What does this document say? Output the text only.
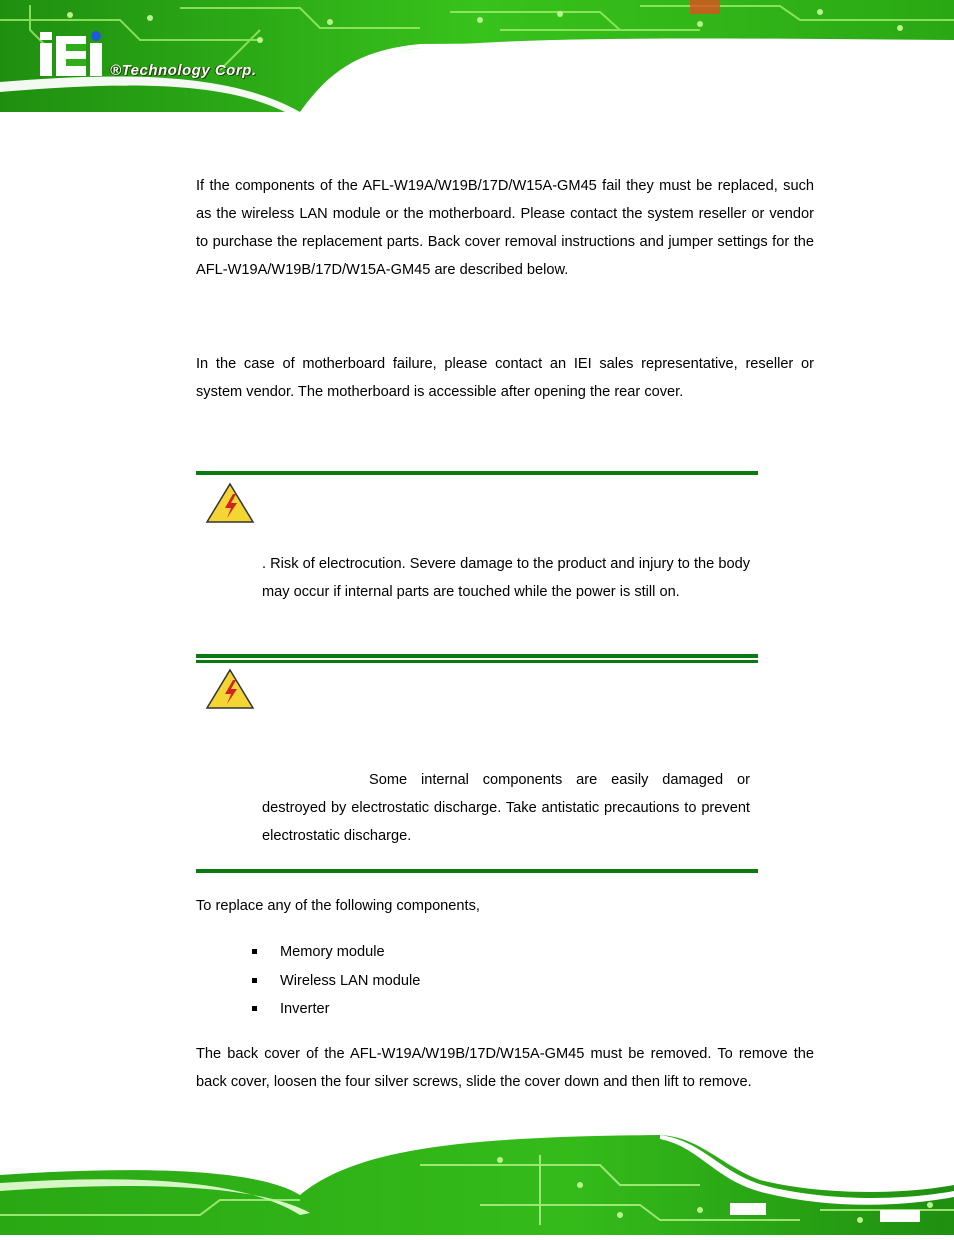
®Technology Corp.

If the components of the AFL-W19A/W19B/17D/W15A-GM45 fail they must be replaced, such as the wireless LAN module or the motherboard. Please contact the system reseller or vendor to purchase the replacement parts. Back cover removal instructions and jumper settings for the AFL-W19A/W19B/17D/W15A-GM45 are described below.

In the case of motherboard failure, please contact an IEI sales representative, reseller or system vendor. The motherboard is accessible after opening the rear cover.

. Risk of electrocution. Severe damage to the product and injury to the body may occur if internal parts are touched while the power is still on.
Some internal components are easily damaged or destroyed by electrostatic discharge. Take antistatic precautions to prevent electrostatic discharge.
To replace any of the following components,
Memory module
Wireless LAN module
Inverter

The back cover of the AFL-W19A/W19B/17D/W15A-GM45 must be removed. To remove the back cover, loosen the four silver screws, slide the cover down and then lift to remove.
